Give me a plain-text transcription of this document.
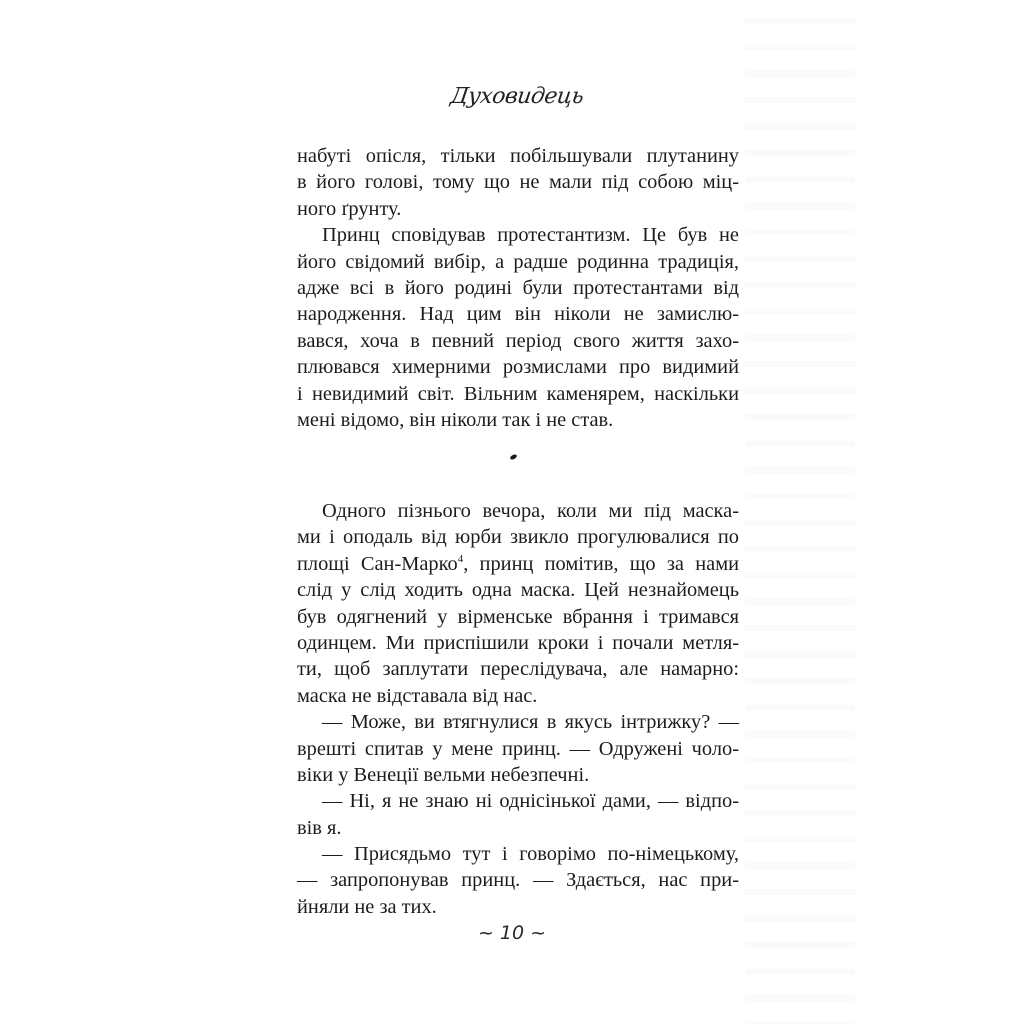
Духовидець
набуті опісля, тільки побільшували плутанину
в його голові, тому що не мали під собою міц-
ного ґрунту.
Принц сповідував протестантизм. Це був не
його свідомий вибір, а радше родинна традиція,
адже всі в його родині були протестантами від
народження. Над цим він ніколи не замислю-
вався, хоча в певний період свого життя захо-
плювався химерними розмислами про видимий
і невидимий світ. Вільним каменярем, наскільки
мені відомо, він ніколи так і не став.
Одного пізнього вечора, коли ми під маска-
ми і оподаль від юрби звикло прогулювалися по
площі Сан-Марко$^4$, принц помітив, що за нами
слід у слід ходить одна маска. Цей незнайомець
був одягнений у вірменське вбрання і тримався
одинцем. Ми приспішили кроки і почали метля-
ти, щоб заплутати переслідувача, але намарно:
маска не відставала від нас.
— Може, ви втягнулися в якусь інтрижку? —
врешті спитав у мене принц. — Одружені чоло-
віки у Венеції вельми небезпечні.
— Ні, я не знаю ні однісінької дами, — відпо-
вів я.
— Присядьмо тут і говорімо по-німецькому,
— запропонував принц. — Здається, нас при-
йняли не за тих.
~ 10 ~
